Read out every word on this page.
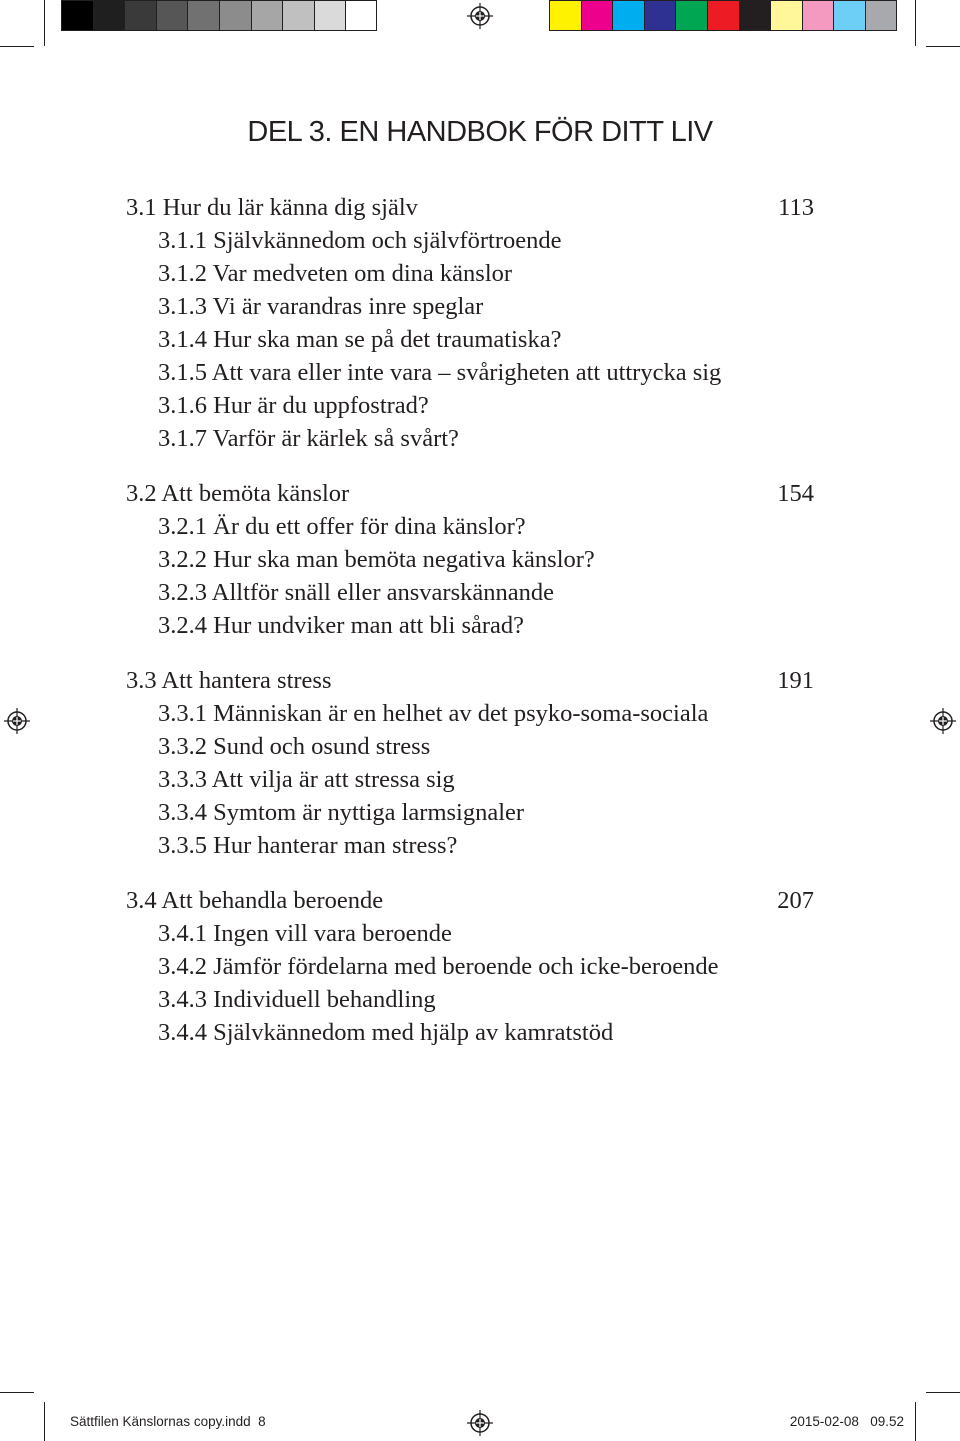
DEL 3. EN HANDBOK FÖR DITT LIV
3.1 Hur du lär känna dig själv	113
3.1.1 Självkännedom och självförtroende
3.1.2 Var medveten om dina känslor
3.1.3 Vi är varandras inre speglar
3.1.4 Hur ska man se på det traumatiska?
3.1.5 Att vara eller inte vara – svårigheten att uttrycka sig
3.1.6 Hur är du uppfostrad?
3.1.7 Varför är kärlek så svårt?
3.2 Att bemöta känslor	154
3.2.1 Är du ett offer för dina känslor?
3.2.2 Hur ska man bemöta negativa känslor?
3.2.3 Alltför snäll eller ansvarskännande
3.2.4 Hur undviker man att bli sårad?
3.3 Att hantera stress	191
3.3.1 Människan är en helhet av det psyko-soma-sociala
3.3.2 Sund och osund stress
3.3.3 Att vilja är att stressa sig
3.3.4 Symtom är nyttiga larmsignaler
3.3.5 Hur hanterar man stress?
3.4 Att behandla beroende	207
3.4.1 Ingen vill vara beroende
3.4.2 Jämför fördelarna med beroende och icke-beroende
3.4.3 Individuell behandling
3.4.4 Självkännedom med hjälp av kamratstöd
Sättfilen Känslornas copy.indd 8	2015-02-08 09.52
